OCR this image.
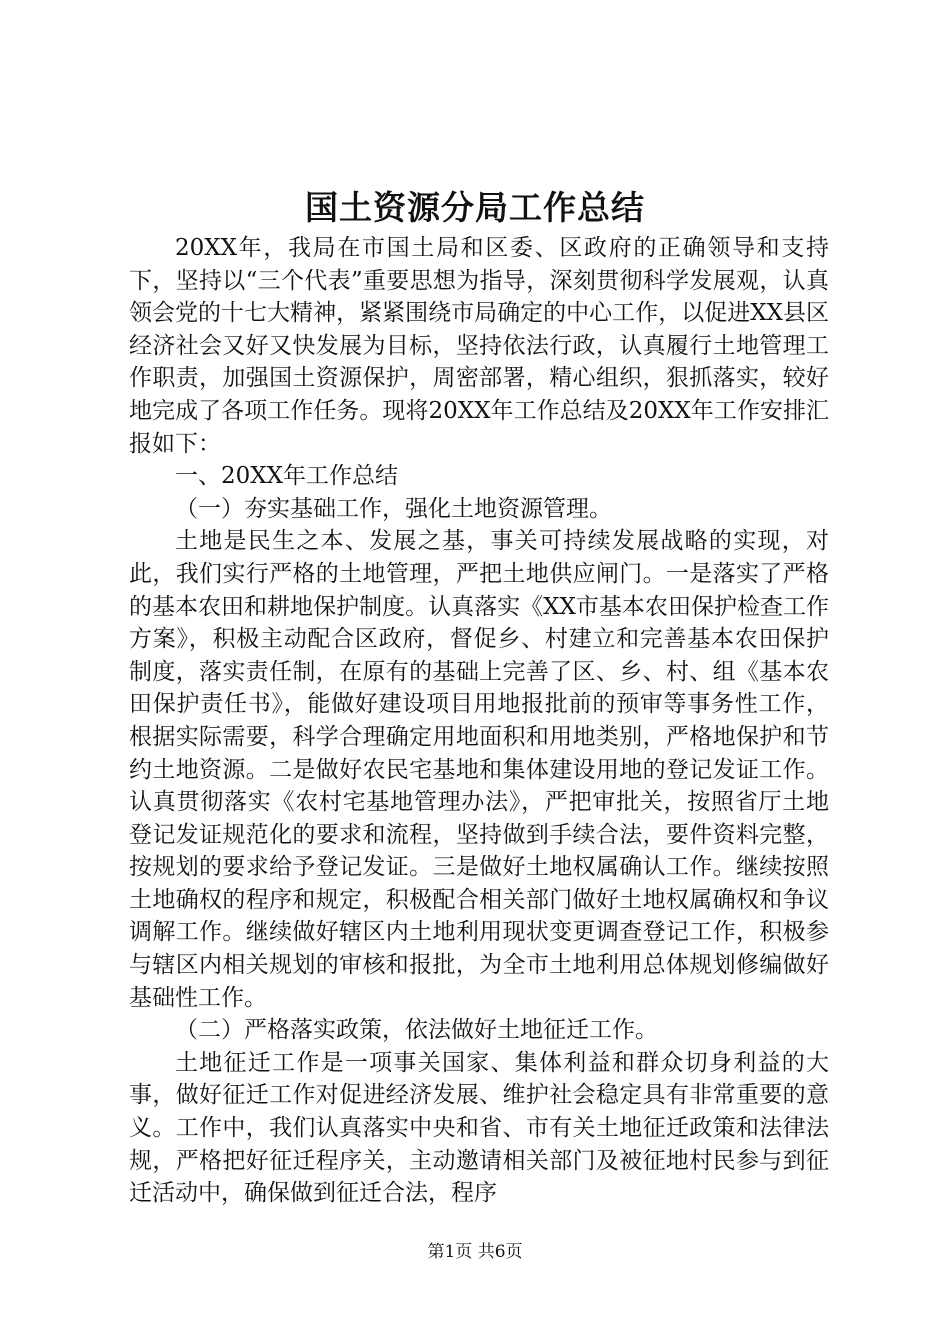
国土资源分局工作总结

20XX年，我局在市国土局和区委、区政府的正确领导和支持下，坚持以“三个代表”重要思想为指导，深刻贯彻科学发展观，认真领会党的十七大精神，紧紧围绕市局确定的中心工作，以促进XX县区经济社会又好又快发展为目标，坚持依法行政，认真履行土地管理工作职责，加强国土资源保护，周密部署，精心组织，狠抓落实，较好地完成了各项工作任务。现将20XX年工作总结及20XX年工作安排汇报如下：

一、20XX年工作总结

（一）夯实基础工作，强化土地资源管理。

土地是民生之本、发展之基，事关可持续发展战略的实现，对此，我们实行严格的土地管理，严把土地供应闸门。一是落实了严格的基本农田和耕地保护制度。认真落实《XX市基本农田保护检查工作方案》，积极主动配合区政府，督促乡、村建立和完善基本农田保护制度，落实责任制，在原有的基础上完善了区、乡、村、组《基本农田保护责任书》，能做好建设项目用地报批前的预审等事务性工作，根据实际需要，科学合理确定用地面积和用地类别，严格地保护和节约土地资源。二是做好农民宅基地和集体建设用地的登记发证工作。认真贯彻落实《农村宅基地管理办法》，严把审批关，按照省厅土地登记发证规范化的要求和流程，坚持做到手续合法，要件资料完整，按规划的要求给予登记发证。三是做好土地权属确认工作。继续按照土地确权的程序和规定，积极配合相关部门做好土地权属确权和争议调解工作。继续做好辖区内土地利用现状变更调查登记工作，积极参与辖区内相关规划的审核和报批，为全市土地利用总体规划修编做好基础性工作。

（二）严格落实政策，依法做好土地征迁工作。

土地征迁工作是一项事关国家、集体利益和群众切身利益的大事，做好征迁工作对促进经济发展、维护社会稳定具有非常重要的意义。工作中，我们认真落实中央和省、市有关土地征迁政策和法律法规，严格把好征迁程序关，主动邀请相关部门及被征地村民参与到征迁活动中，确保做到征迁合法，程序

第1页 共6页
